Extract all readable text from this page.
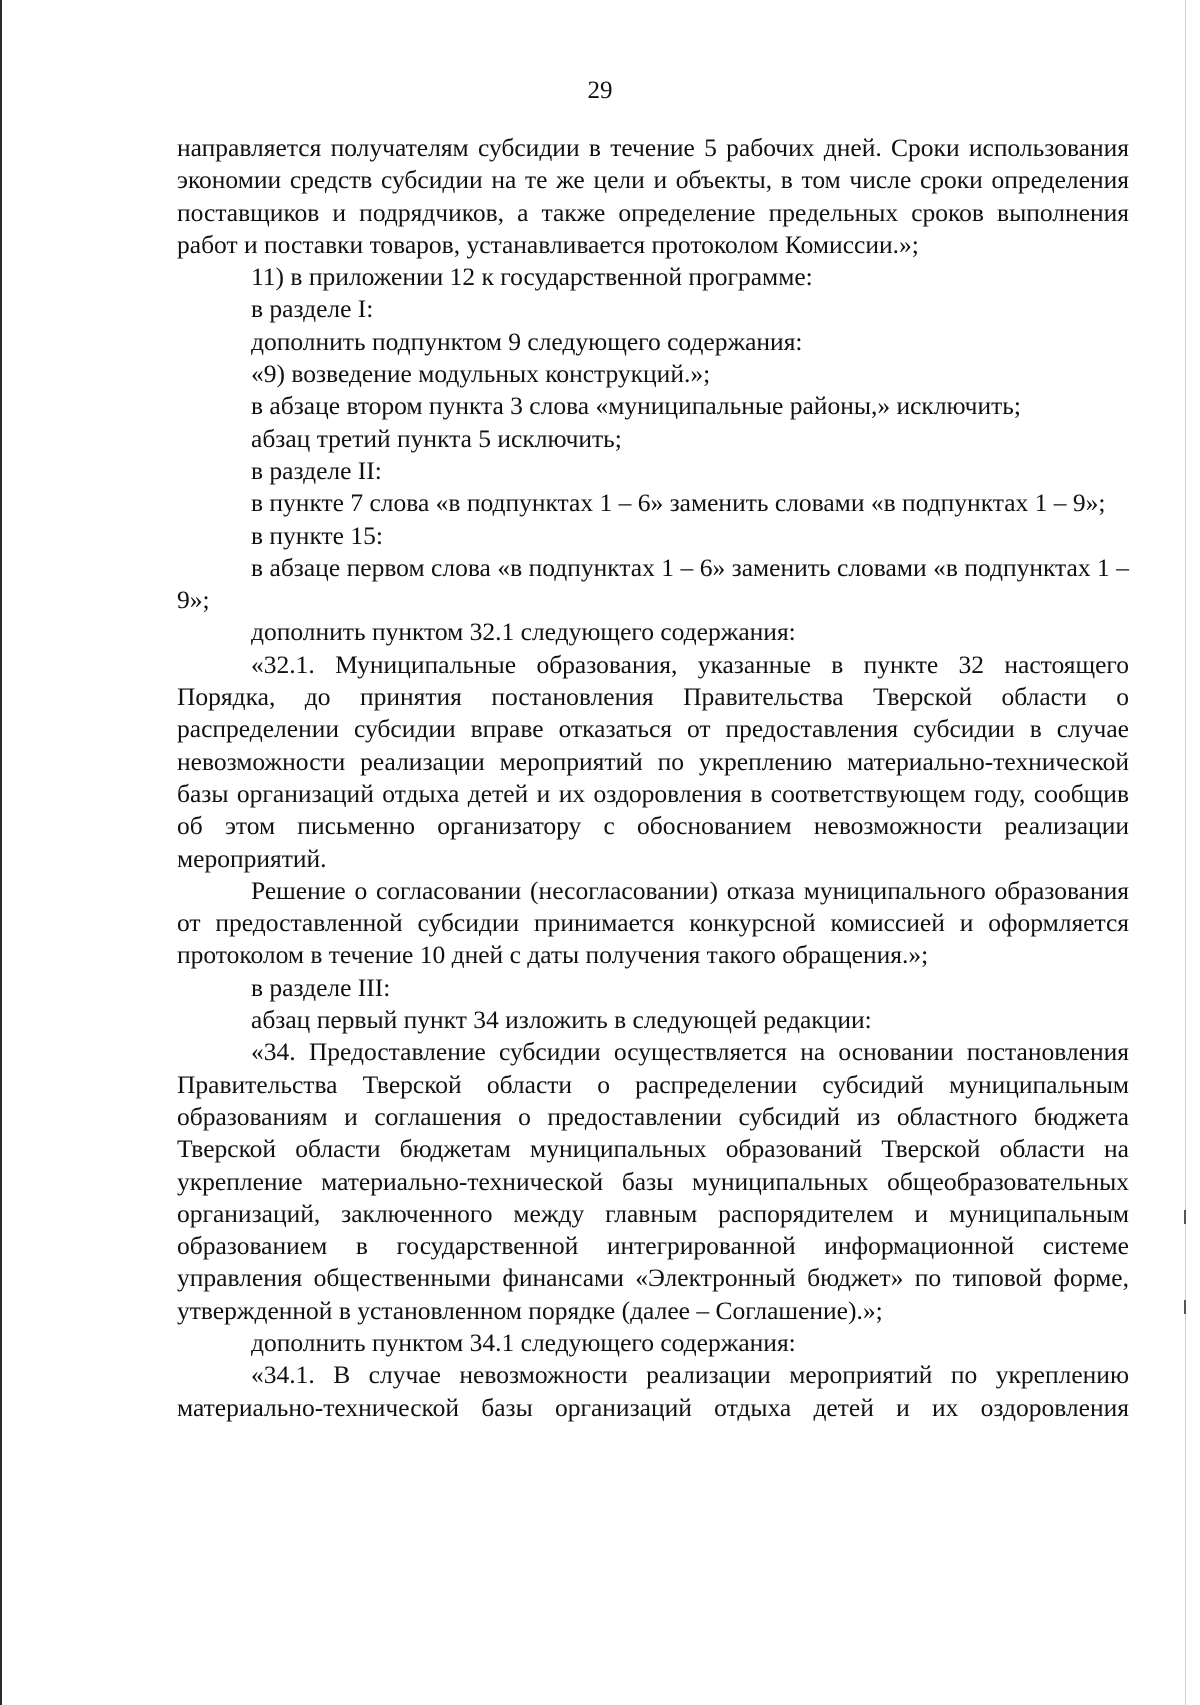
29

направляется получателям субсидии в течение 5 рабочих дней. Сроки использования экономии средств субсидии на те же цели и объекты, в том числе сроки определения поставщиков и подрядчиков, а также определение предельных сроков выполнения работ и поставки товаров, устанавливается протоколом Комиссии.»;

11) в приложении 12 к государственной программе:

в разделе I:

дополнить подпунктом 9 следующего содержания:

«9) возведение модульных конструкций.»;

в абзаце втором пункта 3 слова «муниципальные районы,» исключить;

абзац третий пункта 5 исключить;

в разделе II:

в пункте 7 слова «в подпунктах 1 – 6» заменить словами «в подпунктах 1 – 9»;

в пункте 15:

в абзаце первом слова «в подпунктах 1 – 6» заменить словами «в подпунктах 1 – 9»;

дополнить пунктом 32.1 следующего содержания:

«32.1. Муниципальные образования, указанные в пункте 32 настоящего Порядка, до принятия постановления Правительства Тверской области о распределении субсидии вправе отказаться от предоставления субсидии в случае невозможности реализации мероприятий по укреплению материально-технической базы организаций отдыха детей и их оздоровления в соответствующем году, сообщив об этом письменно организатору с обоснованием невозможности реализации мероприятий.

Решение о согласовании (несогласовании) отказа муниципального образования от предоставленной субсидии принимается конкурсной комиссией и оформляется протоколом в течение 10 дней с даты получения такого обращения.»;

в разделе III:

абзац первый пункт 34 изложить в следующей редакции:

«34. Предоставление субсидии осуществляется на основании постановления Правительства Тверской области о распределении субсидий муниципальным образованиям и соглашения о предоставлении субсидий из областного бюджета Тверской области бюджетам муниципальных образований Тверской области на укрепление материально-технической базы муниципальных общеобразовательных организаций, заключенного между главным распорядителем и муниципальным образованием в государственной интегрированной информационной системе управления общественными финансами «Электронный бюджет» по типовой форме, утвержденной в установленном порядке (далее – Соглашение).»;

дополнить пунктом 34.1 следующего содержания:

«34.1. В случае невозможности реализации мероприятий по укреплению материально-технической базы организаций отдыха детей и их оздоровления
